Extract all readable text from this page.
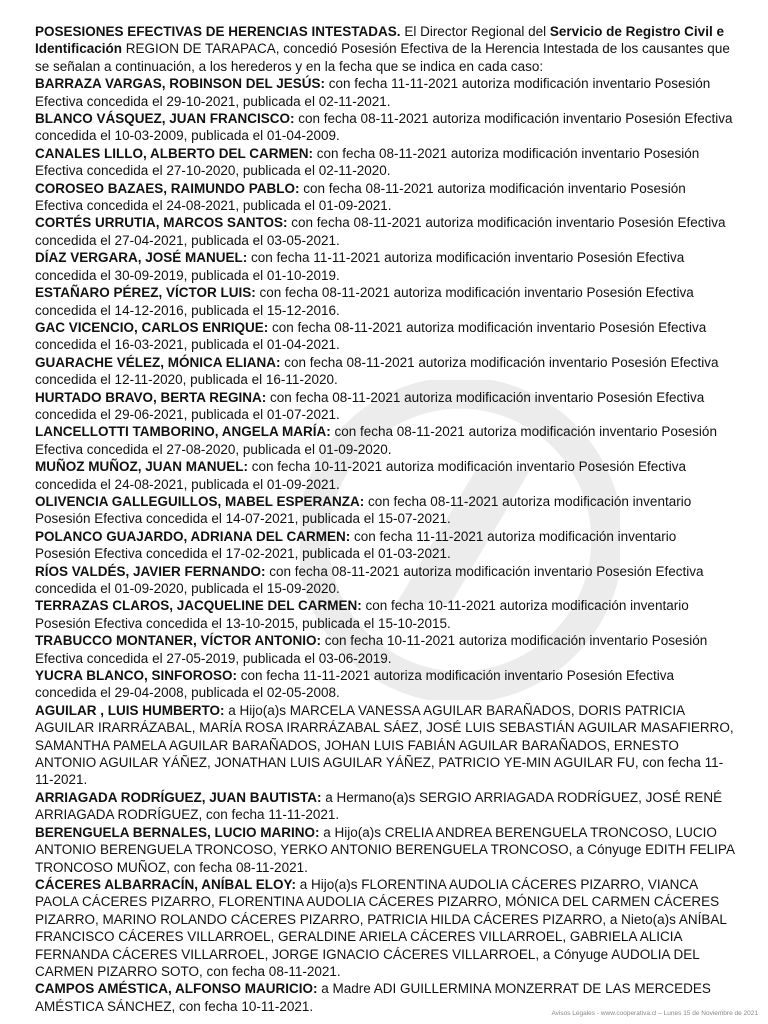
POSESIONES EFECTIVAS DE HERENCIAS INTESTADAS. El Director Regional del Servicio de Registro Civil e Identificación REGION DE TARAPACA, concedió Posesión Efectiva de la Herencia Intestada de los causantes que se señalan a continuación, a los herederos y en la fecha que se indica en cada caso:

BARRAZA VARGAS, ROBINSON DEL JESÚS: con fecha 11-11-2021 autoriza modificación inventario Posesión Efectiva concedida el 29-10-2021, publicada el 02-11-2021.

BLANCO VÁSQUEZ, JUAN FRANCISCO: con fecha 08-11-2021 autoriza modificación inventario Posesión Efectiva concedida el 10-03-2009, publicada el 01-04-2009.

CANALES LILLO, ALBERTO DEL CARMEN: con fecha 08-11-2021 autoriza modificación inventario Posesión Efectiva concedida el 27-10-2020, publicada el 02-11-2020.

COROSEO BAZAES, RAIMUNDO PABLO: con fecha 08-11-2021 autoriza modificación inventario Posesión Efectiva concedida el 24-08-2021, publicada el 01-09-2021.

CORTÉS URRUTIA, MARCOS SANTOS: con fecha 08-11-2021 autoriza modificación inventario Posesión Efectiva concedida el 27-04-2021, publicada el 03-05-2021.

DÍAZ VERGARA, JOSÉ MANUEL: con fecha 11-11-2021 autoriza modificación inventario Posesión Efectiva concedida el 30-09-2019, publicada el 01-10-2019.

ESTAÑARO PÉREZ, VÍCTOR LUIS: con fecha 08-11-2021 autoriza modificación inventario Posesión Efectiva concedida el 14-12-2016, publicada el 15-12-2016.

GAC VICENCIO, CARLOS ENRIQUE: con fecha 08-11-2021 autoriza modificación inventario Posesión Efectiva concedida el 16-03-2021, publicada el 01-04-2021.

GUARACHE VÉLEZ, MÓNICA ELIANA: con fecha 08-11-2021 autoriza modificación inventario Posesión Efectiva concedida el 12-11-2020, publicada el 16-11-2020.

HURTADO BRAVO, BERTA REGINA: con fecha 08-11-2021 autoriza modificación inventario Posesión Efectiva concedida el 29-06-2021, publicada el 01-07-2021.

LANCELLOTTI TAMBORINO, ANGELA MARÍA: con fecha 08-11-2021 autoriza modificación inventario Posesión Efectiva concedida el 27-08-2020, publicada el 01-09-2020.

MUÑOZ MUÑOZ, JUAN MANUEL: con fecha 10-11-2021 autoriza modificación inventario Posesión Efectiva concedida el 24-08-2021, publicada el 01-09-2021.

OLIVENCIA GALLEGUILLOS, MABEL ESPERANZA: con fecha 08-11-2021 autoriza modificación inventario Posesión Efectiva concedida el 14-07-2021, publicada el 15-07-2021.

POLANCO GUAJARDO, ADRIANA DEL CARMEN: con fecha 11-11-2021 autoriza modificación inventario Posesión Efectiva concedida el 17-02-2021, publicada el 01-03-2021.

RÍOS VALDÉS, JAVIER FERNANDO: con fecha 08-11-2021 autoriza modificación inventario Posesión Efectiva concedida el 01-09-2020, publicada el 15-09-2020.

TERRAZAS CLAROS, JACQUELINE DEL CARMEN: con fecha 10-11-2021 autoriza modificación inventario Posesión Efectiva concedida el 13-10-2015, publicada el 15-10-2015.

TRABUCCO MONTANER, VÍCTOR ANTONIO: con fecha 10-11-2021 autoriza modificación inventario Posesión Efectiva concedida el 27-05-2019, publicada el 03-06-2019.

YUCRA BLANCO, SINFOROSO: con fecha 11-11-2021 autoriza modificación inventario Posesión Efectiva concedida el 29-04-2008, publicada el 02-05-2008.

AGUILAR , LUIS HUMBERTO: a Hijo(a)s MARCELA VANESSA AGUILAR BARAÑADOS, DORIS PATRICIA AGUILAR IRARRÁZABAL, MARÍA ROSA IRARRÁZABAL SÁEZ, JOSÉ LUIS SEBASTIÁN AGUILAR MASAFIERRO, SAMANTHA PAMELA AGUILAR BARAÑADOS, JOHAN LUIS FABIÁN AGUILAR BARAÑADOS, ERNESTO ANTONIO AGUILAR YÁÑEZ, JONATHAN LUIS AGUILAR YÁÑEZ, PATRICIO YE-MIN AGUILAR FU, con fecha 11-11-2021.

ARRIAGADA RODRÍGUEZ, JUAN BAUTISTA: a Hermano(a)s SERGIO ARRIAGADA RODRÍGUEZ, JOSÉ RENÉ ARRIAGADA RODRÍGUEZ, con fecha 11-11-2021.

BERENGUELA BERNALES, LUCIO MARINO: a Hijo(a)s CRELIA ANDREA BERENGUELA TRONCOSO, LUCIO ANTONIO BERENGUELA TRONCOSO, YERKO ANTONIO BERENGUELA TRONCOSO, a Cónyuge EDITH FELIPA TRONCOSO MUÑOZ, con fecha 08-11-2021.

CÁCERES ALBARRACÍN, ANÍBAL ELOY: a Hijo(a)s FLORENTINA AUDOLIA CÁCERES PIZARRO, VIANCA PAOLA CÁCERES PIZARRO, FLORENTINA AUDOLIA CÁCERES PIZARRO, MÓNICA DEL CARMEN CÁCERES PIZARRO, MARINO ROLANDO CÁCERES PIZARRO, PATRICIA HILDA CÁCERES PIZARRO, a Nieto(a)s ANÍBAL FRANCISCO CÁCERES VILLARROEL, GERALDINE ARIELA CÁCERES VILLARROEL, GABRIELA ALICIA FERNANDA CÁCERES VILLARROEL, JORGE IGNACIO CÁCERES VILLARROEL, a Cónyuge AUDOLIA DEL CARMEN PIZARRO SOTO, con fecha 08-11-2021.

CAMPOS AMÉSTICA, ALFONSO MAURICIO: a Madre ADI GUILLERMINA MONZERRAT DE LAS MERCEDES AMÉSTICA SÁNCHEZ, con fecha 10-11-2021.	Avisos Legales - www.cooperativa.cl – Lunes 15 de Noviembre de 2021
